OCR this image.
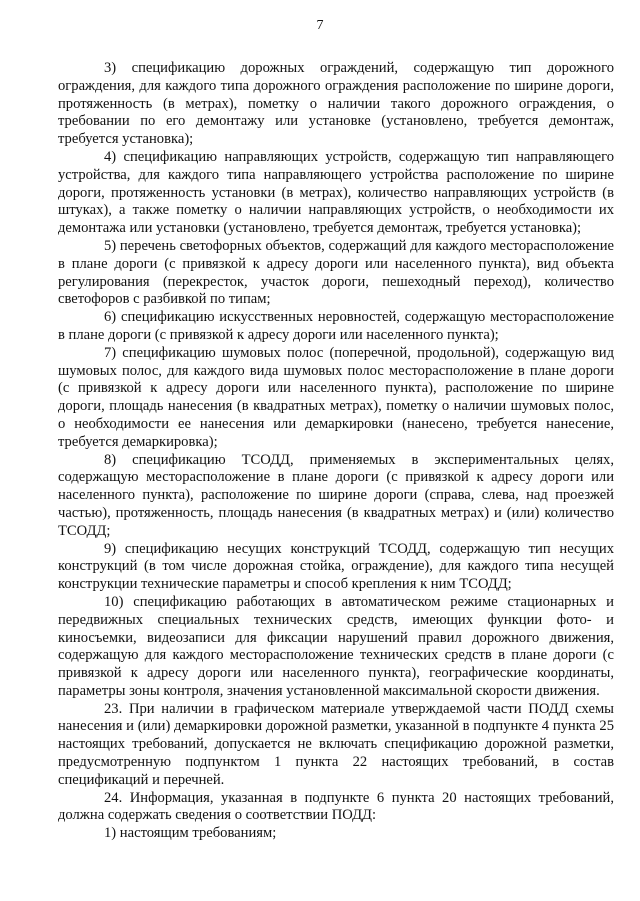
7

3) спецификацию дорожных ограждений, содержащую тип дорожного ограждения, для каждого типа дорожного ограждения расположение по ширине дороги, протяженность (в метрах), пометку о наличии такого дорожного ограждения, о требовании по его демонтажу или установке (установлено, требуется демонтаж, требуется установка);

4) спецификацию направляющих устройств, содержащую тип направляющего устройства, для каждого типа направляющего устройства расположение по ширине дороги, протяженность установки (в метрах), количество направляющих устройств (в штуках), а также пометку о наличии направляющих устройств, о необходимости их демонтажа или установки (установлено, требуется демонтаж, требуется установка);

5) перечень светофорных объектов, содержащий для каждого месторасположение в плане дороги (с привязкой к адресу дороги или населенного пункта), вид объекта регулирования (перекресток, участок дороги, пешеходный переход), количество светофоров с разбивкой по типам;

6) спецификацию искусственных неровностей, содержащую месторасположение в плане дороги (с привязкой к адресу дороги или населенного пункта);

7) спецификацию шумовых полос (поперечной, продольной), содержащую вид шумовых полос, для каждого вида шумовых полос месторасположение в плане дороги (с привязкой к адресу дороги или населенного пункта), расположение по ширине дороги, площадь нанесения (в квадратных метрах), пометку о наличии шумовых полос, о необходимости ее нанесения или демаркировки (нанесено, требуется нанесение, требуется демаркировка);

8) спецификацию ТСОДД, применяемых в экспериментальных целях, содержащую месторасположение в плане дороги (с привязкой к адресу дороги или населенного пункта), расположение по ширине дороги (справа, слева, над проезжей частью), протяженность, площадь нанесения (в квадратных метрах) и (или) количество ТСОДД;

9) спецификацию несущих конструкций ТСОДД, содержащую тип несущих конструкций (в том числе дорожная стойка, ограждение), для каждого типа несущей конструкции технические параметры и способ крепления к ним ТСОДД;

10) спецификацию работающих в автоматическом режиме стационарных и передвижных специальных технических средств, имеющих функции фото- и киносъемки, видеозаписи для фиксации нарушений правил дорожного движения, содержащую для каждого месторасположение технических средств в плане дороги (с привязкой к адресу дороги или населенного пункта), географические координаты, параметры зоны контроля, значения установленной максимальной скорости движения.

23. При наличии в графическом материале утверждаемой части ПОДД схемы нанесения и (или) демаркировки дорожной разметки, указанной в подпункте 4 пункта 25 настоящих требований, допускается не включать спецификацию дорожной разметки, предусмотренную подпунктом 1 пункта 22 настоящих требований, в состав спецификаций и перечней.

24. Информация, указанная в подпункте 6 пункта 20 настоящих требований, должна содержать сведения о соответствии ПОДД:

1) настоящим требованиям;
